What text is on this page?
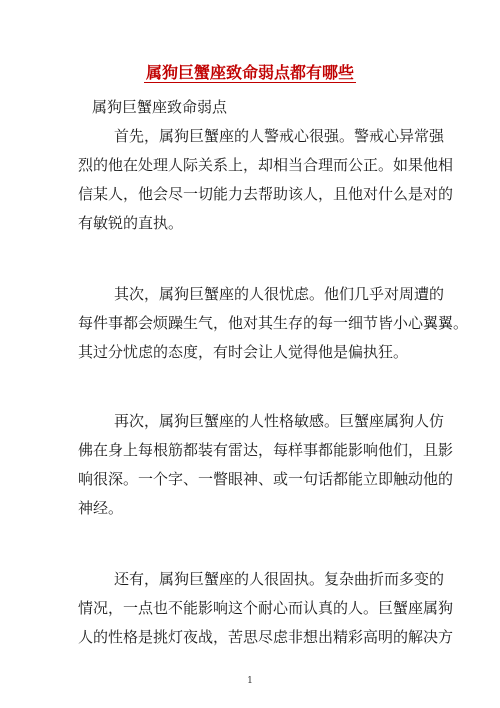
属狗巨蟹座致命弱点都有哪些
属狗巨蟹座致命弱点
首先，属狗巨蟹座的人警戒心很强。警戒心异常强
烈的他在处理人际关系上，却相当合理而公正。如果他相
信某人，他会尽一切能力去帮助该人，且他对什么是对的
有敏锐的直执。
其次，属狗巨蟹座的人很忧虑。他们几乎对周遭的
每件事都会烦躁生气，他对其生存的每一细节皆小心翼翼。
其过分忧虑的态度，有时会让人觉得他是偏执狂。
再次，属狗巨蟹座的人性格敏感。巨蟹座属狗人仿
佛在身上每根筋都装有雷达，每样事都能影响他们，且影
响很深。一个字、一瞥眼神、或一句话都能立即触动他的
神经。
还有，属狗巨蟹座的人很固执。复杂曲折而多变的
情况，一点也不能影响这个耐心而认真的人。巨蟹座属狗
人的性格是挑灯夜战，苦思尽虑非想出精彩高明的解决方
1
